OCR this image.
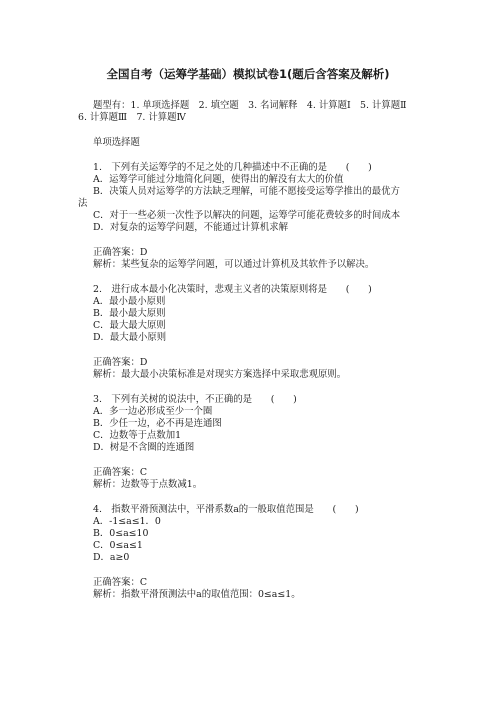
全国自考（运筹学基础）模拟试卷1(题后含答案及解析)
题型有：1. 单项选择题　2. 填空题　3. 名词解释　4. 计算题Ⅰ　5. 计算题Ⅱ
6. 计算题Ⅲ　7. 计算题Ⅳ
单项选择题
1.　下列有关运筹学的不足之处的几种描述中不正确的是　　(　　)
A．运筹学可能过分地简化问题，使得出的解没有太大的价值
B．决策人员对运筹学的方法缺乏理解，可能不愿接受运筹学推出的最优方
法
C．对于一些必须一次性予以解决的问题，运筹学可能花费较多的时间成本
D．对复杂的运筹学问题，不能通过计算机求解
正确答案：D
解析：某些复杂的运筹学问题，可以通过计算机及其软件予以解决。
2.　进行成本最小化决策时，悲观主义者的决策原则将是　　(　　)
A．最小最小原则
B．最小最大原则
C．最大最大原则
D．最大最小原则
正确答案：D
解析：最大最小决策标准是对现实方案选择中采取悲观原则。
3.　下列有关树的说法中，不正确的是　　(　　)
A．多一边必形成至少一个圈
B．少任一边，必不再是连通图
C．边数等于点数加1
D．树是不含圈的连通图
正确答案：C
解析：边数等于点数减1。
4.　指数平滑预测法中，平滑系数a的一般取值范围是　　(　　)
A．-1≤a≤1．0
B．0≤a≤10
C．0≤a≤1
D．a≥0
正确答案：C
解析：指数平滑预测法中a的取值范围：0≤a≤1。
